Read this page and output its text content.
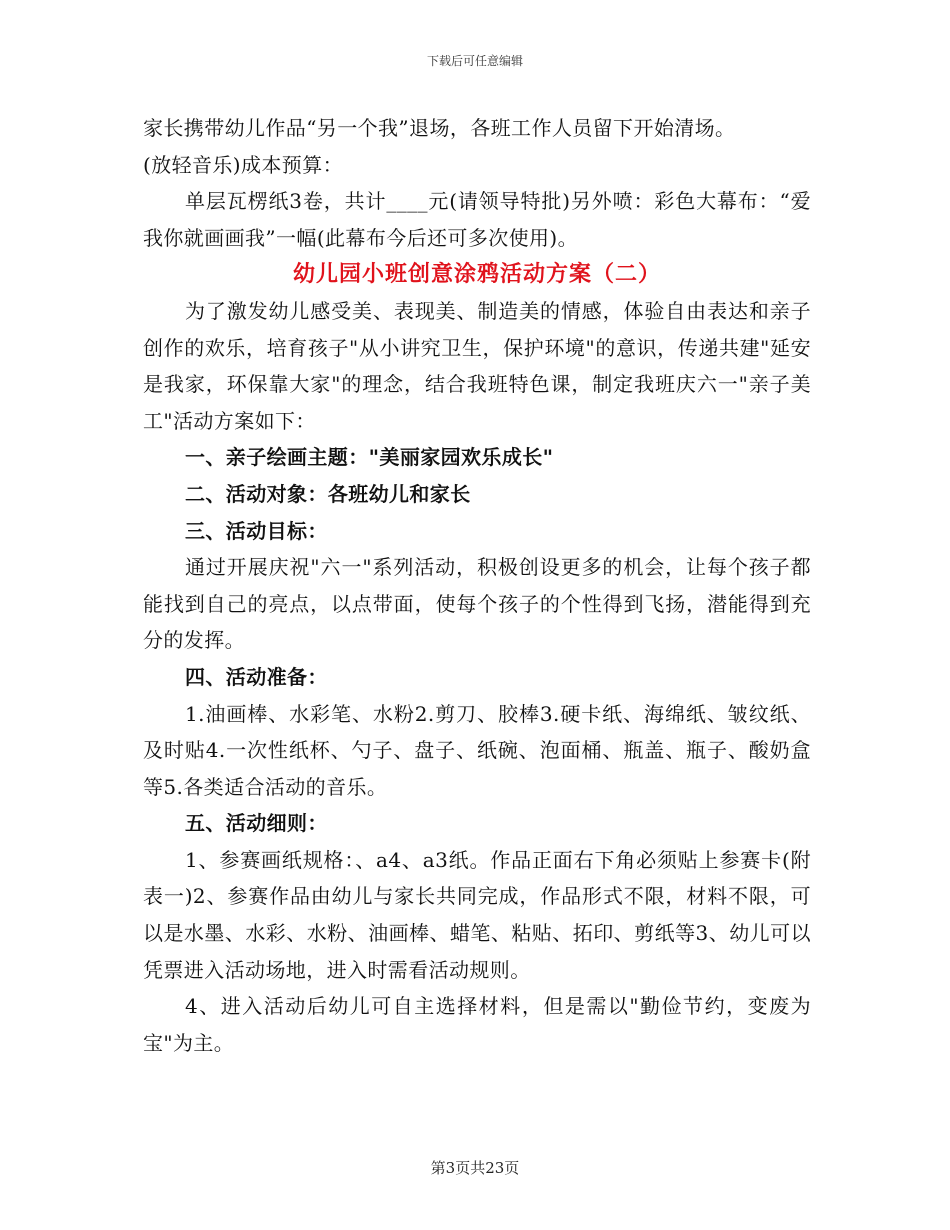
下载后可任意编辑

家长携带幼儿作品“另一个我”退场，各班工作人员留下开始清场。

(放轻音乐)成本预算：

单层瓦楞纸3卷，共计____元(请领导特批)另外喷：彩色大幕布：“爱我你就画画我”一幅(此幕布今后还可多次使用)。

幼儿园小班创意涂鸦活动方案（二）

为了激发幼儿感受美、表现美、制造美的情感，体验自由表达和亲子创作的欢乐，培育孩子"从小讲究卫生，保护环境"的意识，传递共建"延安是我家，环保靠大家"的理念，结合我班特色课，制定我班庆六一"亲子美工"活动方案如下：

一、亲子绘画主题："美丽家园欢乐成长"

二、活动对象：各班幼儿和家长

三、活动目标：

通过开展庆祝"六一"系列活动，积极创设更多的机会，让每个孩子都能找到自己的亮点，以点带面，使每个孩子的个性得到飞扬，潜能得到充分的发挥。

四、活动准备：

1.油画棒、水彩笔、水粉2.剪刀、胶棒3.硬卡纸、海绵纸、皱纹纸、及时贴4.一次性纸杯、勺子、盘子、纸碗、泡面桶、瓶盖、瓶子、酸奶盒等5.各类适合活动的音乐。

五、活动细则：

1、参赛画纸规格：、a4、a3纸。作品正面右下角必须贴上参赛卡(附表一)2、参赛作品由幼儿与家长共同完成，作品形式不限，材料不限，可以是水墨、水彩、水粉、油画棒、蜡笔、粘贴、拓印、剪纸等3、幼儿可以凭票进入活动场地，进入时需看活动规则。

4、进入活动后幼儿可自主选择材料，但是需以"勤俭节约，变废为宝"为主。

第3页共23页
